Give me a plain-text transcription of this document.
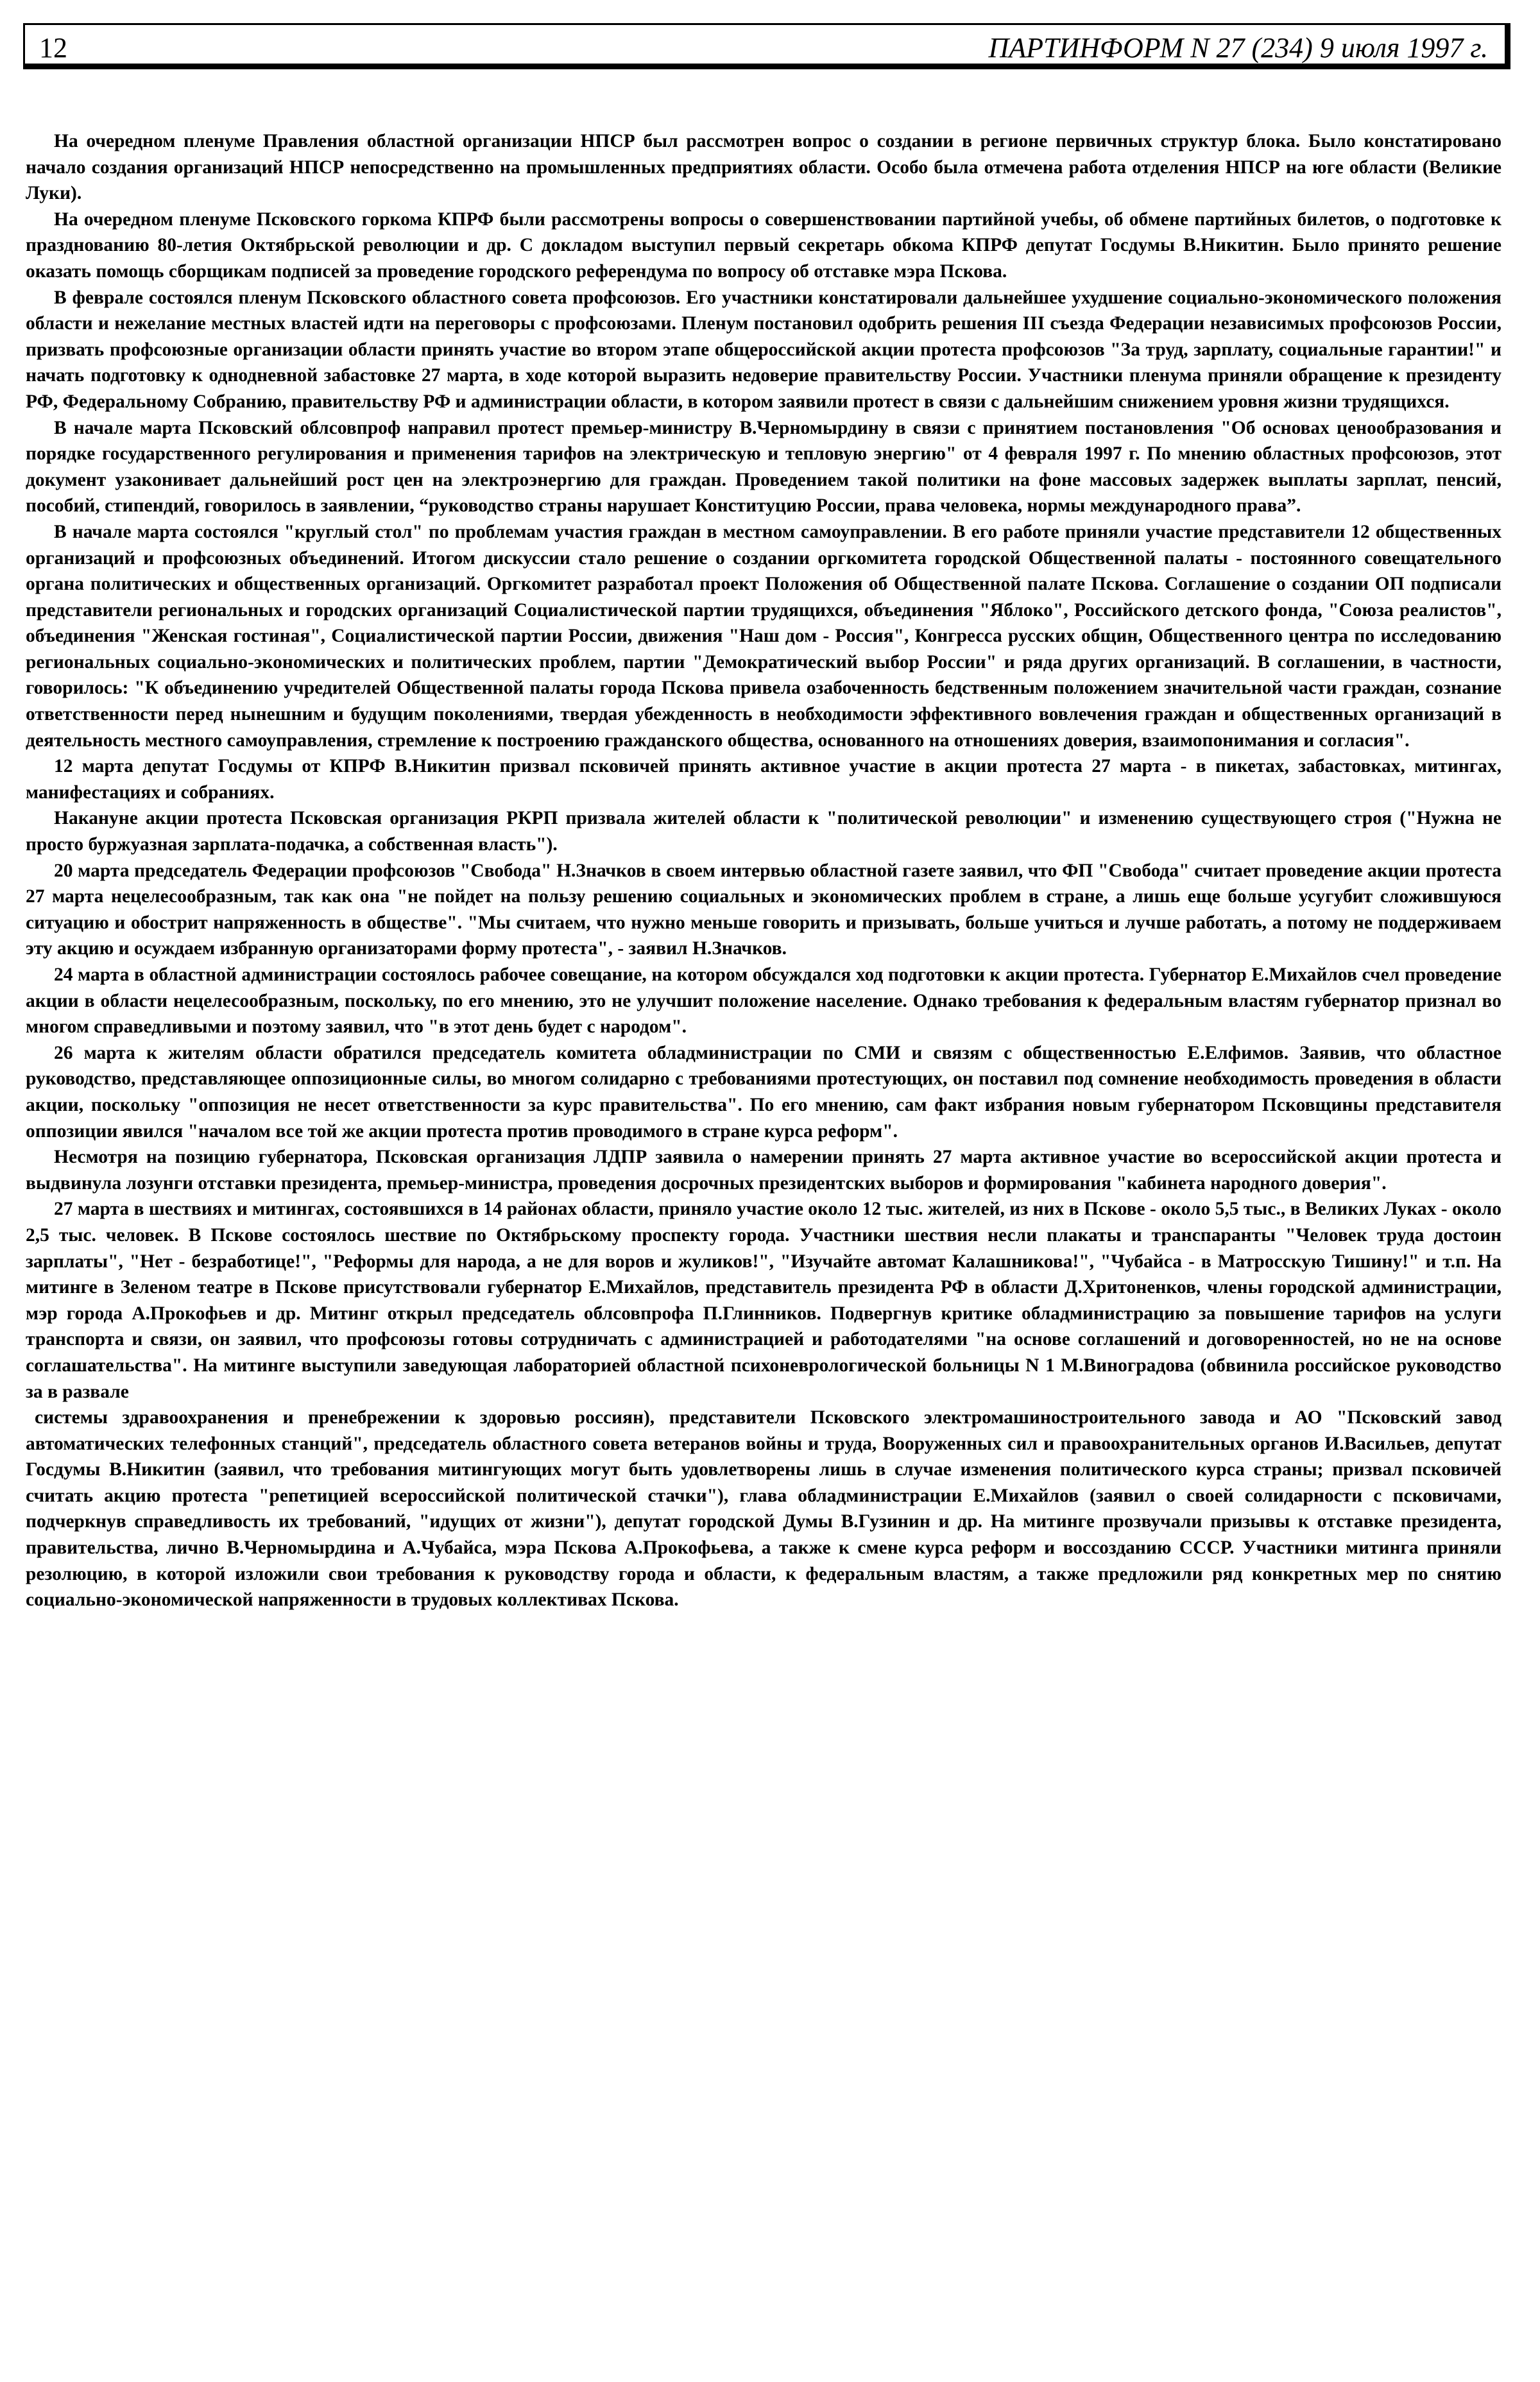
12	ПАРТИНФОРМ N 27 (234) 9 июля 1997 г.

На очередном пленуме Правления областной организации НПСР был рассмотрен вопрос о создании в регионе первичных структур блока. Было констатировано начало создания организаций НПСР непосредственно на промышленных предприятиях области. Особо была отмечена работа отделения НПСР на юге области (Великие Луки).

На очередном пленуме Псковского горкома КПРФ были рассмотрены вопросы о совершенствовании партийной учебы, об обмене партийных билетов, о подготовке к празднованию 80-летия Октябрьской революции и др. С докладом выступил первый секретарь обкома КПРФ депутат Госдумы В.Никитин. Было принято решение оказать помощь сборщикам подписей за проведение городского референдума по вопросу об отставке мэра Пскова.

В феврале состоялся пленум Псковского областного совета профсоюзов. Его участники констатировали дальнейшее ухудшение социально-экономического положения области и нежелание местных властей идти на переговоры с профсоюзами. Пленум постановил одобрить решения III съезда Федерации независимых профсоюзов России, призвать профсоюзные организации области принять участие во втором этапе общероссийской акции протеста профсоюзов "За труд, зарплату, социальные гарантии!" и начать подготовку к однодневной забастовке 27 марта, в ходе которой выразить недоверие правительству России. Участники пленума приняли обращение к президенту РФ, Федеральному Собранию, правительству РФ и администрации области, в котором заявили протест в связи с дальнейшим снижением уровня жизни трудящихся.

В начале марта Псковский облсовпроф направил протест премьер-министру В.Черномырдину в связи с принятием постановления "Об основах ценообразования и порядке государственного регулирования и применения тарифов на электрическую и тепловую энергию" от 4 февраля 1997 г. По мнению областных профсоюзов, этот документ узаконивает дальнейший рост цен на электроэнергию для граждан. Проведением такой политики на фоне массовых задержек выплаты зарплат, пенсий, пособий, стипендий, говорилось в заявлении, “руководство страны нарушает Конституцию России, права человека, нормы международного права”.

В начале марта состоялся "круглый стол" по проблемам участия граждан в местном самоуправлении. В его работе приняли участие представители 12 общественных организаций и профсоюзных объединений. Итогом дискуссии стало решение о создании оргкомитета городской Общественной палаты - постоянного совещательного органа политических и общественных организаций. Оргкомитет разработал проект Положения об Общественной палате Пскова. Соглашение о создании ОП подписали представители региональных и городских организаций Социалистической партии трудящихся, объединения "Яблоко", Российского детского фонда, "Союза реалистов", объединения "Женская гостиная", Социалистической партии России, движения "Наш дом - Россия", Конгресса русских общин, Общественного центра по исследованию региональных социально-экономических и политических проблем, партии "Демократический выбор России" и ряда других организаций. В соглашении, в частности, говорилось: "К объединению учредителей Общественной палаты города Пскова привела озабоченность бедственным положением значительной части граждан, сознание ответственности перед нынешним и будущим поколениями, твердая убежденность в необходимости эффективного вовлечения граждан и общественных организаций в деятельность местного самоуправления, стремление к построению гражданского общества, основанного на отношениях доверия, взаимопонимания и согласия".

12 марта депутат Госдумы от КПРФ В.Никитин призвал псковичей принять активное участие в акции протеста 27 марта - в пикетах, забастовках, митингах, манифестациях и собраниях.

Накануне акции протеста Псковская организация РКРП призвала жителей области к "политической революции" и изменению существующего строя ("Нужна не просто буржуазная зарплата-подачка, а собственная власть").

20 марта председатель Федерации профсоюзов "Свобода" Н.Значков в своем интервью областной газете заявил, что ФП "Свобода" считает проведение акции протеста 27 марта нецелесообразным, так как она "не пойдет на пользу решению социальных и экономических проблем в стране, а лишь еще больше усугубит сложившуюся ситуацию и обострит напряженность в обществе". "Мы считаем, что нужно меньше говорить и призывать, больше учиться и лучше работать, а потому не поддерживаем эту акцию и осуждаем избранную организаторами форму протеста", - заявил Н.Значков.

24 марта в областной администрации состоялось рабочее совещание, на котором обсуждался ход подготовки к акции протеста. Губернатор Е.Михайлов счел проведение акции в области нецелесообразным, поскольку, по его мнению, это не улучшит положение население. Однако требования к федеральным властям губернатор признал во многом справедливыми и поэтому заявил, что "в этот день будет с народом".

26 марта к жителям области обратился председатель комитета обладминистрации по СМИ и связям с общественностью Е.Елфимов. Заявив, что областное руководство, представляющее оппозиционные силы, во многом солидарно с требованиями протестующих, он поставил под сомнение необходимость проведения в области акции, поскольку "оппозиция не несет ответственности за курс правительства". По его мнению, сам факт избрания новым губернатором Псковщины представителя оппозиции явился "началом все той же акции протеста против проводимого в стране курса реформ".

Несмотря на позицию губернатора, Псковская организация ЛДПР заявила о намерении принять 27 марта активное участие во всероссийской акции протеста и выдвинула лозунги отставки президента, премьер-министра, проведения досрочных президентских выборов и формирования "кабинета народного доверия".

27 марта в шествиях и митингах, состоявшихся в 14 районах области, приняло участие около 12 тыс. жителей, из них в Пскове - около 5,5 тыс., в Великих Луках - около 2,5 тыс. человек. В Пскове состоялось шествие по Октябрьскому проспекту города. Участники шествия несли плакаты и транспаранты "Человек труда достоин зарплаты", "Нет - безработице!", "Реформы для народа, а не для воров и жуликов!", "Изучайте автомат Калашникова!", "Чубайса - в Матросскую Тишину!" и т.п. На митинге в Зеленом театре в Пскове присутствовали губернатор Е.Михайлов, представитель президента РФ в области Д.Хритоненков, члены городской администрации, мэр города А.Прокофьев и др. Митинг открыл председатель облсовпрофа П.Глинников. Подвергнув критике обладминистрацию за повышение тарифов на услуги транспорта и связи, он заявил, что профсоюзы готовы сотрудничать с администрацией и работодателями "на основе соглашений и договоренностей, но не на основе соглашательства". На митинге выступили заведующая лабораторией областной психоневрологической больницы N 1 М.Виноградова (обвинила российское руководство за в развале

системы здравоохранения и пренебрежении к здоровью россиян), представители Псковского электромашиностроительного завода и АО "Псковский завод автоматических телефонных станций", председатель областного совета ветеранов войны и труда, Вооруженных сил и правоохранительных органов И.Васильев, депутат Госдумы В.Никитин (заявил, что требования митингующих могут быть удовлетворены лишь в случае изменения политического курса страны; призвал псковичей считать акцию протеста "репетицией всероссийской политической стачки"), глава обладминистрации Е.Михайлов (заявил о своей солидарности с псковичами, подчеркнув справедливость их требований, "идущих от жизни"), депутат городской Думы В.Гузинин и др. На митинге прозвучали призывы к отставке президента, правительства, лично В.Черномырдина и А.Чубайса, мэра Пскова А.Прокофьева, а также к смене курса реформ и воссозданию СССР. Участники митинга приняли резолюцию, в которой изложили свои требования к руководству города и области, к федеральным властям, а также предложили ряд конкретных мер по снятию социально-экономической напряженности в трудовых коллективах Пскова.
